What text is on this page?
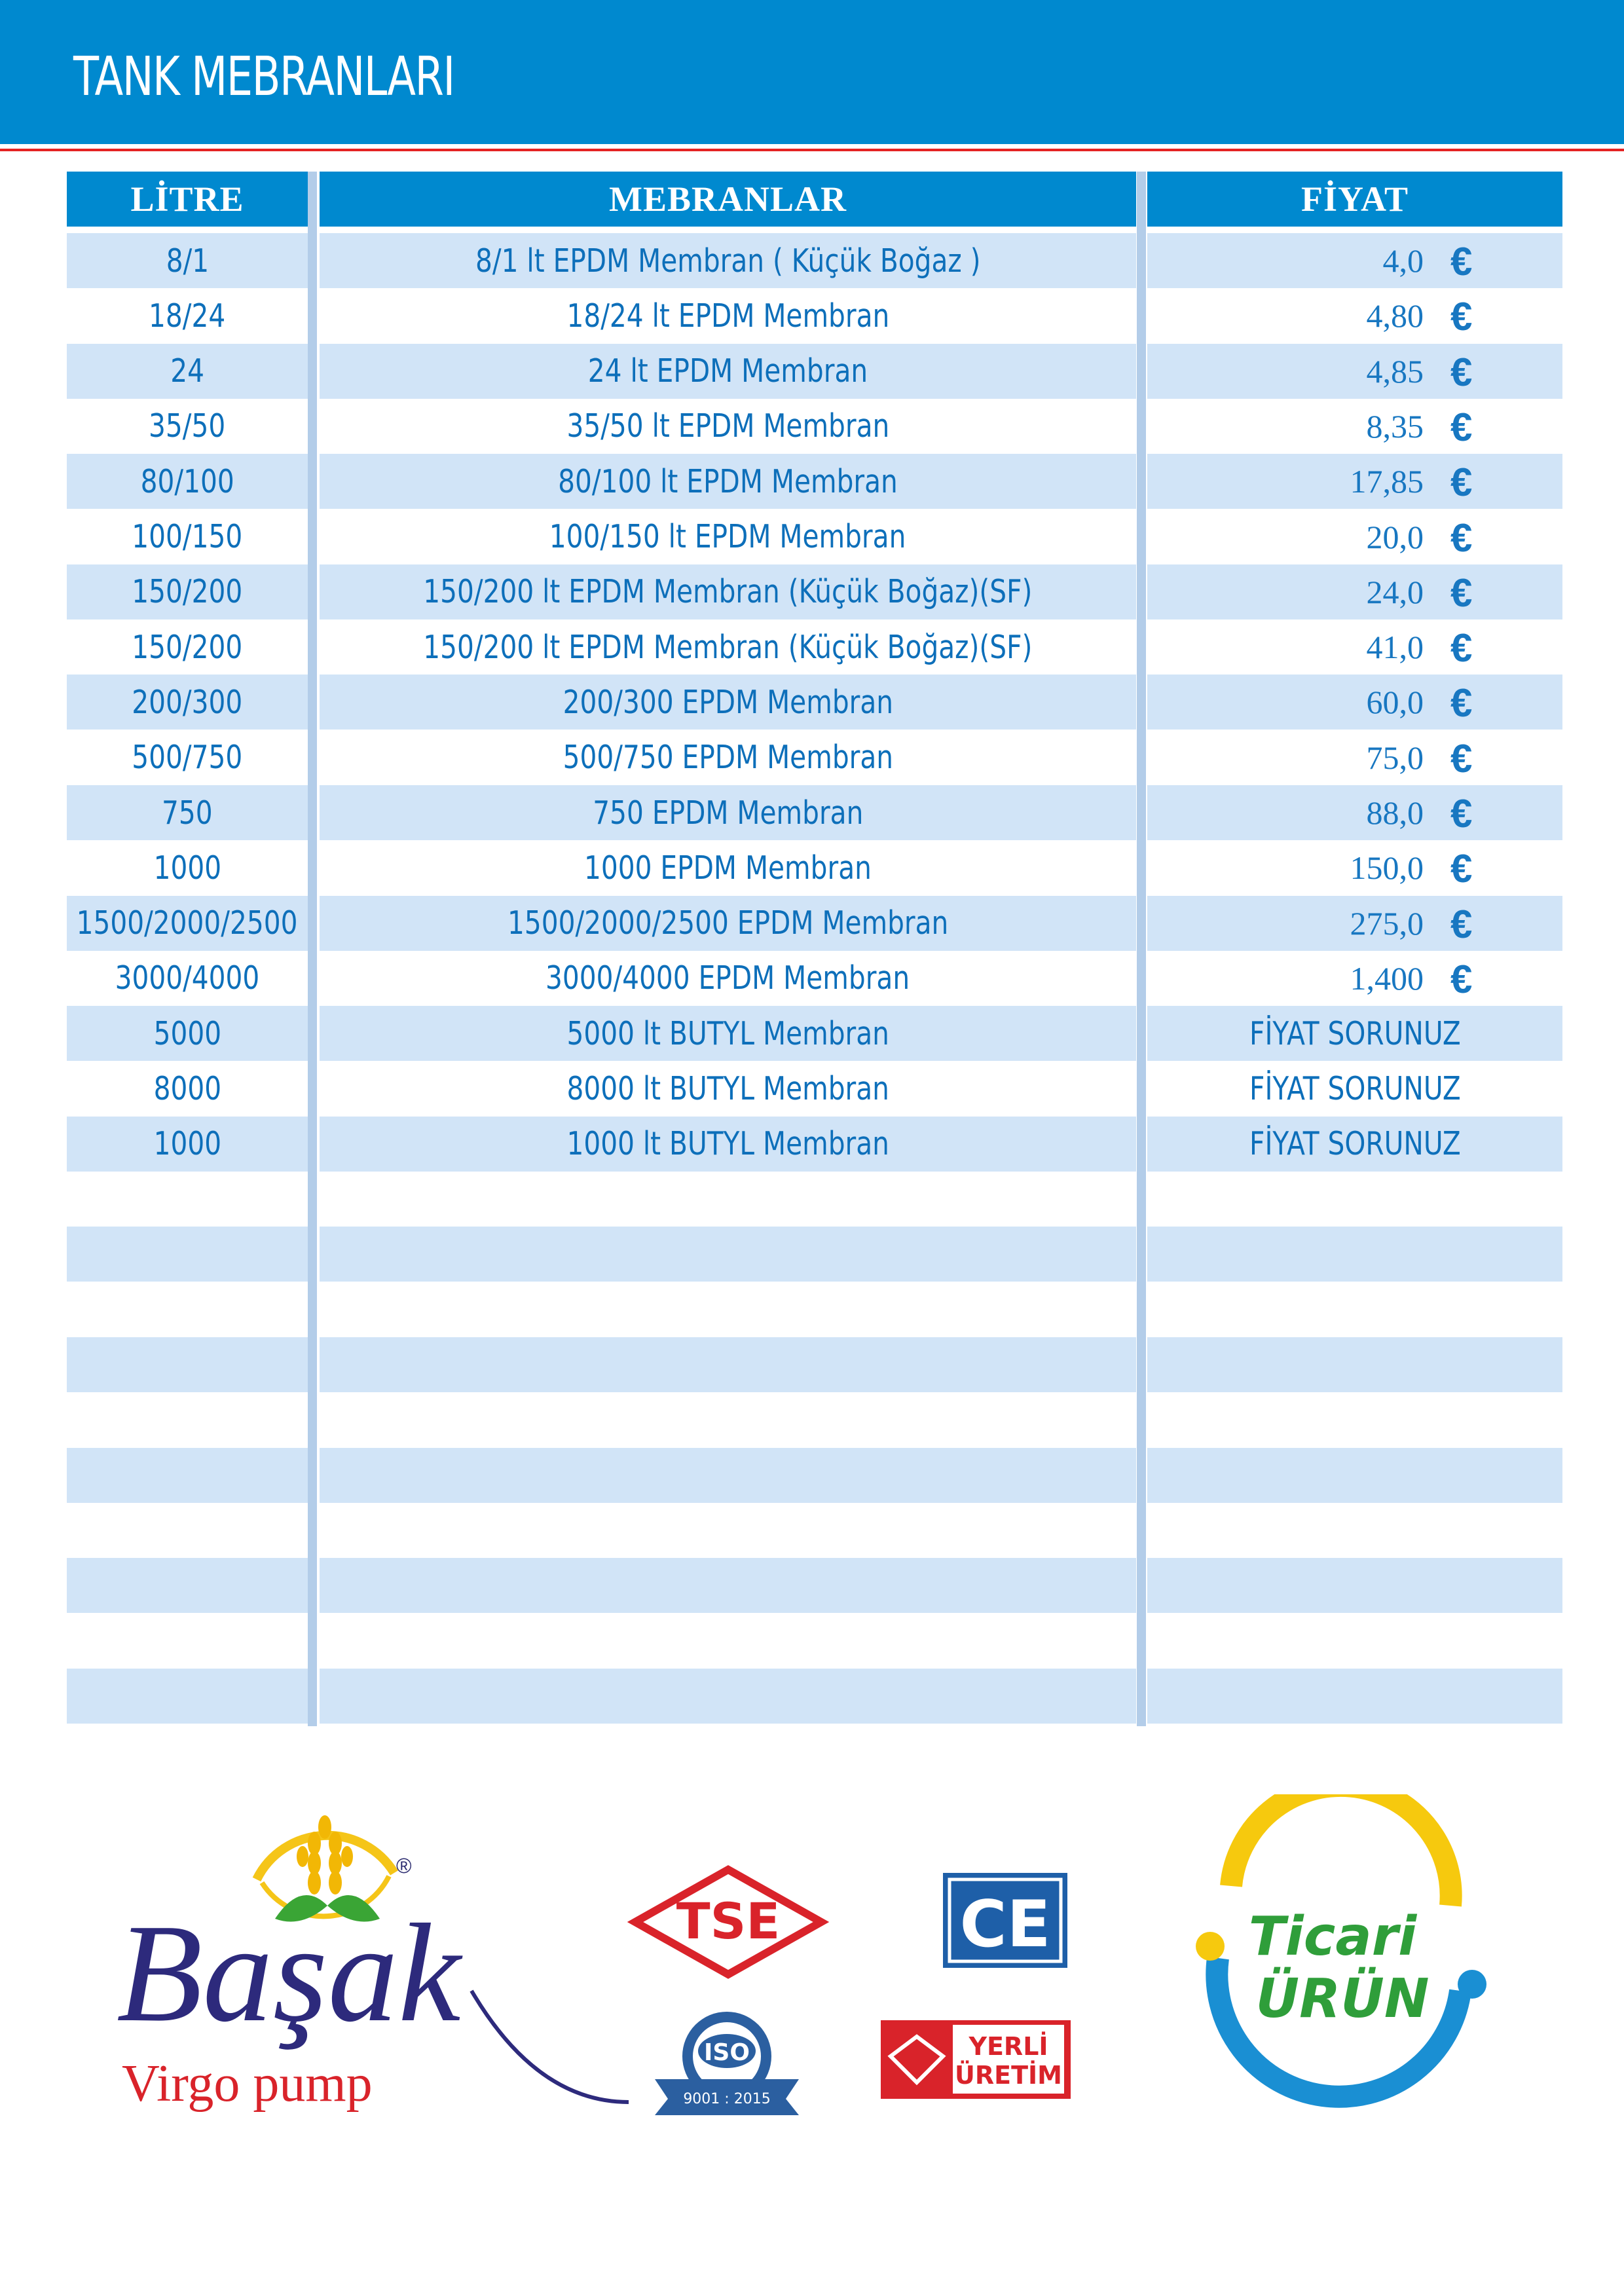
TANK MEBRANLARI
LİTRE	MEBRANLAR	FİYAT
8/1	8/1 lt EPDM Membran ( Küçük Boğaz )	4,0 €
18/24	18/24 lt EPDM Membran	4,80 €
24	24 lt EPDM Membran	4,85 €
35/50	35/50 lt EPDM Membran	8,35 €
80/100	80/100 lt EPDM Membran	17,85 €
100/150	100/150 lt EPDM Membran	20,0 €
150/200	150/200 lt EPDM Membran (Küçük Boğaz)(SF)	24,0 €
150/200	150/200 lt EPDM Membran (Küçük Boğaz)(SF)	41,0 €
200/300	200/300 EPDM Membran	60,0 €
500/750	500/750 EPDM Membran	75,0 €
750	750 EPDM Membran	88,0 €
1000	1000 EPDM Membran	150,0 €
1500/2000/2500	1500/2000/2500 EPDM Membran	275,0 €
3000/4000	3000/4000 EPDM Membran	1,400 €
5000	5000 lt BUTYL Membran	FİYAT SORUNUZ
8000	8000 lt BUTYL Membran	FİYAT SORUNUZ
1000	1000 lt BUTYL Membran	FİYAT SORUNUZ
®
Başak
Virgo pump
TSE	CE
ISO
9001 : 2015
YERLİ
ÜRETİM
Ticari
ÜRÜN
